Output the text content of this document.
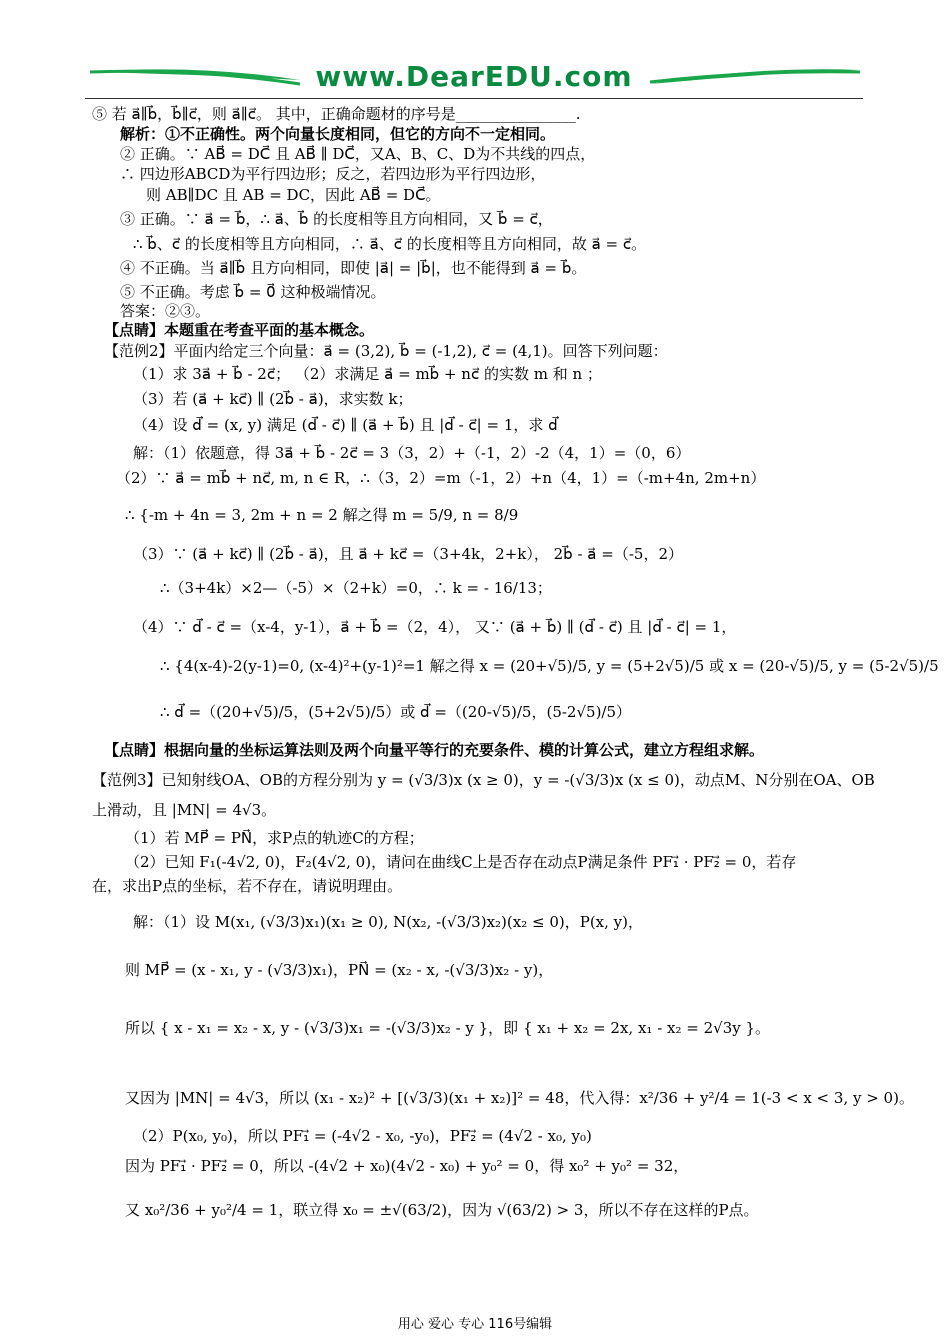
www.DearEDU.com
⑤ 若 a⃗∥b⃗，b⃗∥c⃗，则 a⃗∥c⃗。 其中，正确命题材的序号是________________.
解析：①不正确性。两个向量长度相同，但它的方向不一定相同。
② 正确。∵ AB⃗ = DC⃗ 且 AB⃗ ∥ DC⃗，又A、B、C、D为不共线的四点，
∴ 四边形ABCD为平行四边形；反之，若四边形为平行四边形，
则 AB∥DC 且 AB = DC，因此 AB⃗ = DC⃗。
③ 正确。∵ a⃗ = b⃗，∴ a⃗、b⃗ 的长度相等且方向相同，又 b⃗ = c⃗，
∴ b⃗、c⃗ 的长度相等且方向相同，∴ a⃗、c⃗ 的长度相等且方向相同，故 a⃗ = c⃗。
④ 不正确。当 a⃗∥b⃗ 且方向相同，即使 |a⃗| = |b⃗|，也不能得到 a⃗ = b⃗。
⑤ 不正确。考虑 b⃗ = 0⃗ 这种极端情况。
答案：②③。
【点睛】本题重在考查平面的基本概念。
【范例2】平面内给定三个向量：a⃗ = (3,2), b⃗ = (-1,2), c⃗ = (4,1)。回答下列问题：
（1）求 3a⃗ + b⃗ - 2c⃗； （2）求满足 a⃗ = mb⃗ + nc⃗ 的实数 m 和 n ；
（3）若 (a⃗ + kc⃗) ∥ (2b⃗ - a⃗)，求实数 k；
（4）设 d⃗ = (x, y) 满足 (d⃗ - c⃗) ∥ (a⃗ + b⃗) 且 |d⃗ - c⃗| = 1，求 d⃗
解：（1）依题意，得 3a⃗ + b⃗ - 2c⃗ = 3（3，2）+（-1，2）-2（4，1）=（0，6）
（2）∵ a⃗ = mb⃗ + nc⃗, m, n ∈ R，∴（3，2）=m（-1，2）+n（4，1）=（-m+4n, 2m+n）
∴ {-m + 4n = 3, 2m + n = 2 解之得 m = 5/9, n = 8/9
（3）∵ (a⃗ + kc⃗) ∥ (2b⃗ - a⃗)，且 a⃗ + kc⃗ =（3+4k，2+k）， 2b⃗ - a⃗ =（-5，2）
∴（3+4k）×2—（-5）×（2+k）=0，∴ k = - 16/13；
（4）∵ d⃗ - c⃗ =（x-4，y-1），a⃗ + b⃗ =（2，4）， 又∵ (a⃗ + b⃗) ∥ (d⃗ - c⃗) 且 |d⃗ - c⃗| = 1，
∴ {4(x-4)-2(y-1)=0, (x-4)²+(y-1)²=1 解之得 x = (20+√5)/5, y = (5+2√5)/5 或 x = (20-√5)/5, y = (5-2√5)/5
∴ d⃗ =（(20+√5)/5，(5+2√5)/5）或 d⃗ =（(20-√5)/5，(5-2√5)/5）
【点睛】根据向量的坐标运算法则及两个向量平等行的充要条件、模的计算公式，建立方程组求解。
【范例3】已知射线OA、OB的方程分别为 y = (√3/3)x (x ≥ 0)，y = -(√3/3)x (x ≤ 0)，动点M、N分别在OA、OB
上滑动，且 |MN| = 4√3。
（1）若 MP⃗ = PN⃗，求P点的轨迹C的方程；
（2）已知 F₁(-4√2, 0)，F₂(4√2, 0)，请问在曲线C上是否存在动点P满足条件 PF₁⃗ · PF₂⃗ = 0，若存
在，求出P点的坐标，若不存在，请说明理由。
解：（1）设 M(x₁, (√3/3)x₁)(x₁ ≥ 0), N(x₂, -(√3/3)x₂)(x₂ ≤ 0)，P(x, y)，
则 MP⃗ = (x - x₁, y - (√3/3)x₁)，PN⃗ = (x₂ - x, -(√3/3)x₂ - y)，
所以 { x - x₁ = x₂ - x, y - (√3/3)x₁ = -(√3/3)x₂ - y }，即 { x₁ + x₂ = 2x, x₁ - x₂ = 2√3y }。
又因为 |MN| = 4√3，所以 (x₁ - x₂)² + [(√3/3)(x₁ + x₂)]² = 48，代入得：x²/36 + y²/4 = 1(-3 < x < 3, y > 0)。
（2）P(x₀, y₀)，所以 PF₁⃗ = (-4√2 - x₀, -y₀)，PF₂⃗ = (4√2 - x₀, y₀)
因为 PF₁⃗ · PF₂⃗ = 0，所以 -(4√2 + x₀)(4√2 - x₀) + y₀² = 0，得 x₀² + y₀² = 32，
又 x₀²/36 + y₀²/4 = 1，联立得 x₀ = ±√(63/2)，因为 √(63/2) > 3，所以不存在这样的P点。
用心 爱心 专心 116号编辑
